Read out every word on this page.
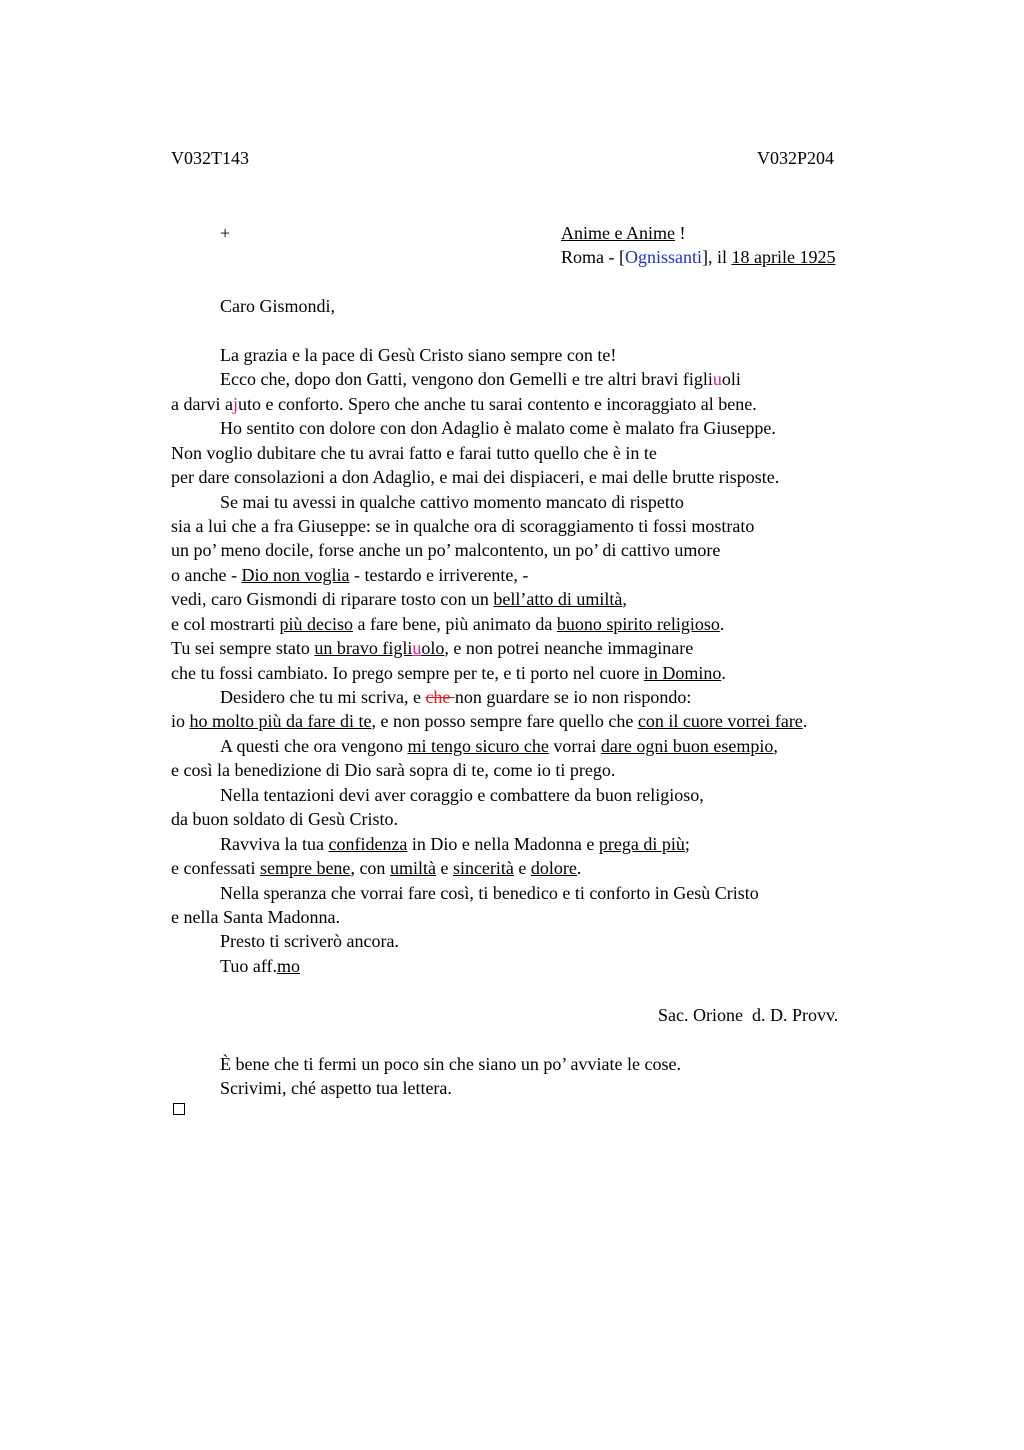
V032T143	V032P204
+	Anime e Anime !
Roma - [Ognissanti], il 18 aprile 1925
Caro Gismondi,
La grazia e la pace di Gesù Cristo siano sempre con te!
Ecco che, dopo don Gatti, vengono don Gemelli e tre altri bravi figliuoli
a darvi ajuto e conforto. Spero che anche tu sarai contento e incoraggiato al bene.
Ho sentito con dolore con don Adaglio è malato come è malato fra Giuseppe.
Non voglio dubitare che tu avrai fatto e farai tutto quello che è in te
per dare consolazioni a don Adaglio, e mai dei dispiaceri, e mai delle brutte risposte.
Se mai tu avessi in qualche cattivo momento mancato di rispetto
sia a lui che a fra Giuseppe: se in qualche ora di scoraggiamento ti fossi mostrato
un po’ meno docile, forse anche un po’ malcontento, un po’ di cattivo umore
o anche - Dio non voglia - testardo e irriverente, -
vedi, caro Gismondi di riparare tosto con un bell’atto di umiltà,
e col mostrarti più deciso a fare bene, più animato da buono spirito religioso.
Tu sei sempre stato un bravo figliuolo, e non potrei neanche immaginare
che tu fossi cambiato. Io prego sempre per te, e ti porto nel cuore in Domino.
Desidero che tu mi scriva, e che non guardare se io non rispondo:
io ho molto più da fare di te, e non posso sempre fare quello che con il cuore vorrei fare.
A questi che ora vengono mi tengo sicuro che vorrai dare ogni buon esempio,
e così la benedizione di Dio sarà sopra di te, come io ti prego.
Nella tentazioni devi aver coraggio e combattere da buon religioso,
da buon soldato di Gesù Cristo.
Ravviva la tua confidenza in Dio e nella Madonna e prega di più;
e confessati sempre bene, con umiltà e sincerità e dolore.
Nella speranza che vorrai fare così, ti benedico e ti conforto in Gesù Cristo
e nella Santa Madonna.
Presto ti scriverò ancora.
Tuo aff.mo
Sac. Orione  d. D. Provv.
È bene che ti fermi un poco sin che siano un po’ avviate le cose.
Scrivimi, ché aspetto tua lettera.
